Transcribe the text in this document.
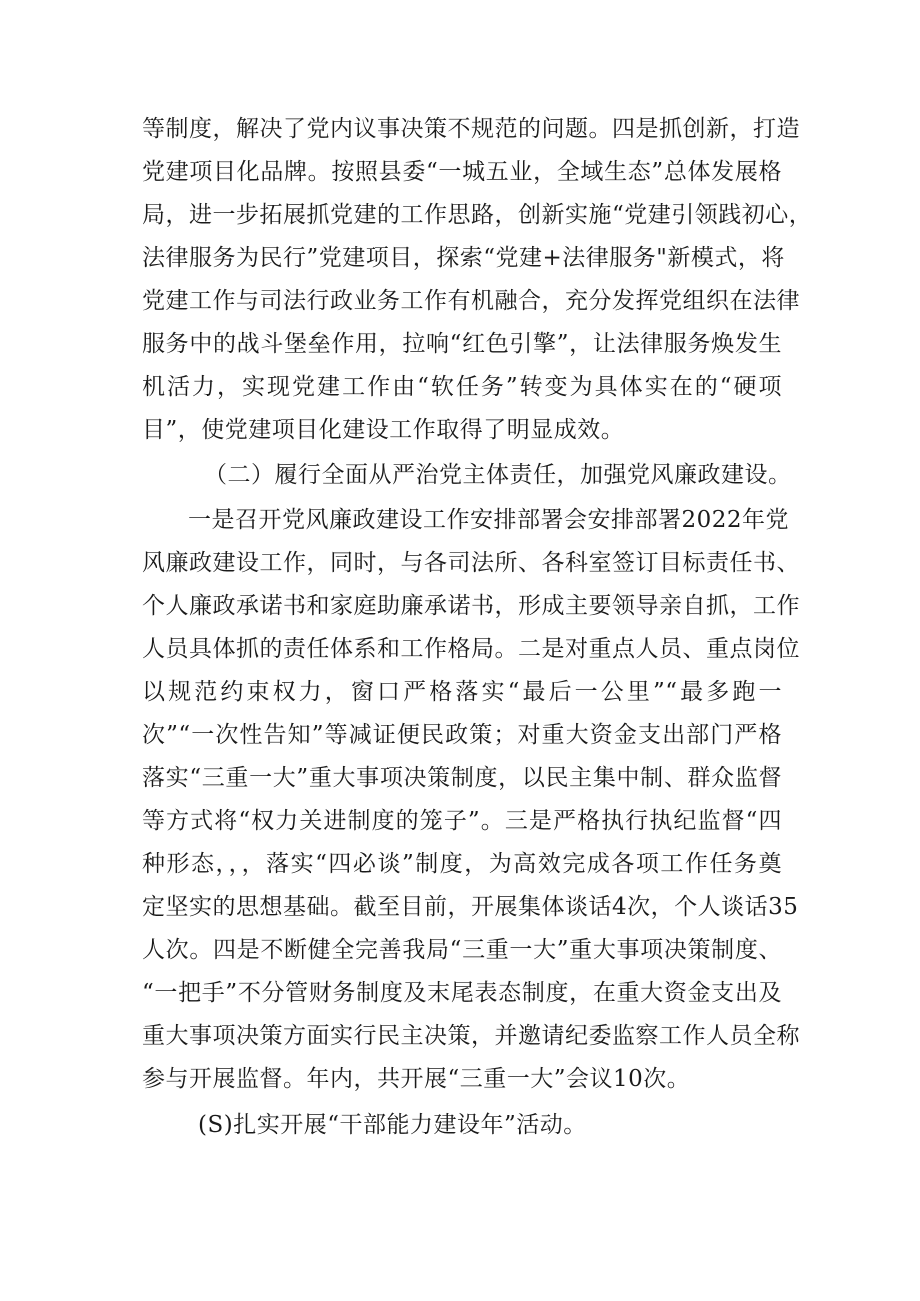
等制度，解决了党内议事决策不规范的问题。四是抓创新，打造
党建项目化品牌。按照县委“一城五业，全域生态”总体发展格
局，进一步拓展抓党建的工作思路，创新实施“党建引领践初心，
法律服务为民行”党建项目，探索“党建+法律服务"新模式，将
党建工作与司法行政业务工作有机融合，充分发挥党组织在法律
服务中的战斗堡垒作用，拉响“红色引擎”，让法律服务焕发生
机活力，实现党建工作由“软任务”转变为具体实在的“硬项
目”，使党建项目化建设工作取得了明显成效。
（二）履行全面从严治党主体责任，加强党风廉政建设。
一是召开党风廉政建设工作安排部署会安排部署2022年党
风廉政建设工作，同时，与各司法所、各科室签订目标责任书、
个人廉政承诺书和家庭助廉承诺书，形成主要领导亲自抓，工作
人员具体抓的责任体系和工作格局。二是对重点人员、重点岗位
以规范约束权力，窗口严格落实“最后一公里”“最多跑一
次”“一次性告知”等减证便民政策；对重大资金支出部门严格
落实“三重一大”重大事项决策制度，以民主集中制、群众监督
等方式将“权力关进制度的笼子”。三是严格执行执纪监督“四
种形态，，，落实“四必谈”制度，为高效完成各项工作任务奠
定坚实的思想基础。截至目前，开展集体谈话4次，个人谈话35
人次。四是不断健全完善我局“三重一大”重大事项决策制度、
“一把手”不分管财务制度及末尾表态制度，在重大资金支出及
重大事项决策方面实行民主决策，并邀请纪委监察工作人员全称
参与开展监督。年内，共开展“三重一大”会议10次。
(S)扎实开展“干部能力建设年”活动。
